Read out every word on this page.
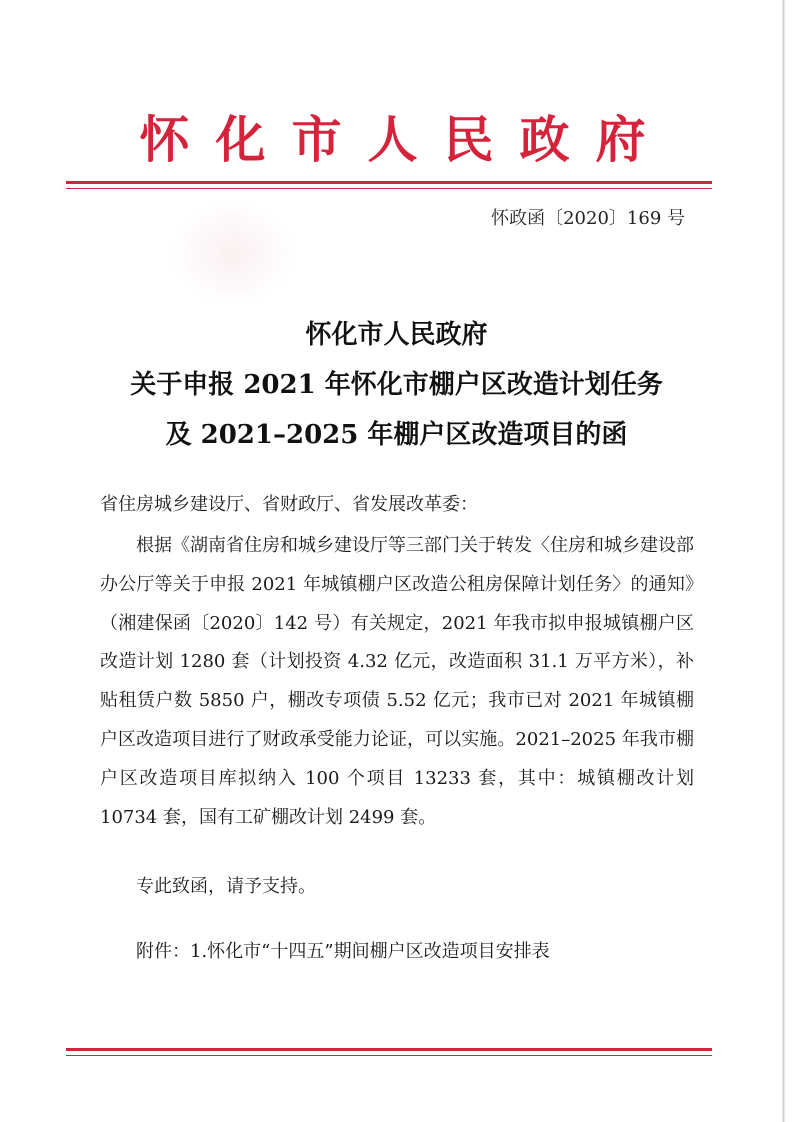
怀化市人民政府
怀政函〔2020〕169 号
怀化市人民政府
关于申报 2021 年怀化市棚户区改造计划任务
及 2021–2025 年棚户区改造项目的函
省住房城乡建设厅、省财政厅、省发展改革委：

根据《湖南省住房和城乡建设厅等三部门关于转发〈住房和城乡建设部办公厅等关于申报 2021 年城镇棚户区改造公租房保障计划任务〉的通知》（湘建保函〔2020〕142 号）有关规定，2021 年我市拟申报城镇棚户区改造计划 1280 套（计划投资 4.32 亿元，改造面积 31.1 万平方米），补贴租赁户数 5850 户，棚改专项债 5.52 亿元；我市已对 2021 年城镇棚户区改造项目进行了财政承受能力论证，可以实施。2021–2025 年我市棚户区改造项目库拟纳入 100 个项目 13233 套，其中：城镇棚改计划 10734 套，国有工矿棚改计划 2499 套。

专此致函，请予支持。
附件：1.怀化市“十四五”期间棚户区改造项目安排表
